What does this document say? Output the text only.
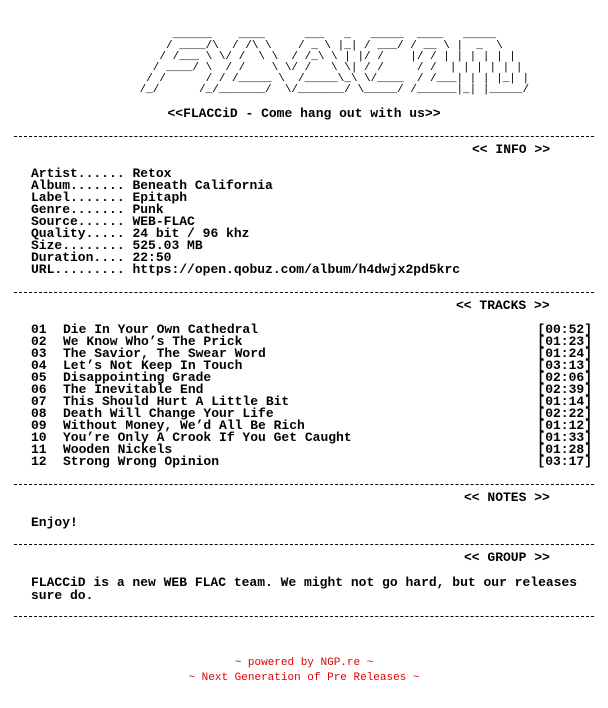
______    ____      ___   _   _____  ____   _____
/ ____/\  / /\ \    / _ \ |_| / ___/ / __ \ |  _  \
/ /___ \ \/ /  \ \  / /_\ \ | |/ /    |/ / | | | | | |
/ ____/ \  / /    \ \/ /   \ \| / /     / /  | | | | | |
/ /      / / /_____ \  /_____\_\ \/____  / /___| | | |_| |
/_/      /_/_______/  \/_______/ \_____/ /______|_| |_____/
<<FLACCiD - Come hang out with us>>
<< INFO >>
Artist...... Retox
Album....... Beneath California
Label....... Epitaph
Genre....... Punk
Source...... WEB-FLAC
Quality..... 24 bit / 96 khz
Size........ 525.03 MB
Duration.... 22:50
URL......... https://open.qobuz.com/album/h4dwjx2pd5krc
<< TRACKS >>
01 Die In Your Own Cathedral	[00:52]
02 We Know Who’s The Prick	[01:23]
03 The Savior, The Swear Word	[01:24]
04 Let’s Not Keep In Touch	[03:13]
05 Disappointing Grade	[02:06]
06 The Inevitable End	[02:39]
07 This Should Hurt A Little Bit	[01:14]
08 Death Will Change Your Life	[02:22]
09 Without Money, We’d All Be Rich	[01:12]
10 You’re Only A Crook If You Get Caught	[01:33]
11 Wooden Nickels	[01:28]
12 Strong Wrong Opinion	[03:17]
<< NOTES >>
Enjoy!
<< GROUP >>
FLACCiD is a new WEB FLAC team. We might not go hard, but our releases sure do.
~ powered by NGP.re ~
~ Next Generation of Pre Releases ~
